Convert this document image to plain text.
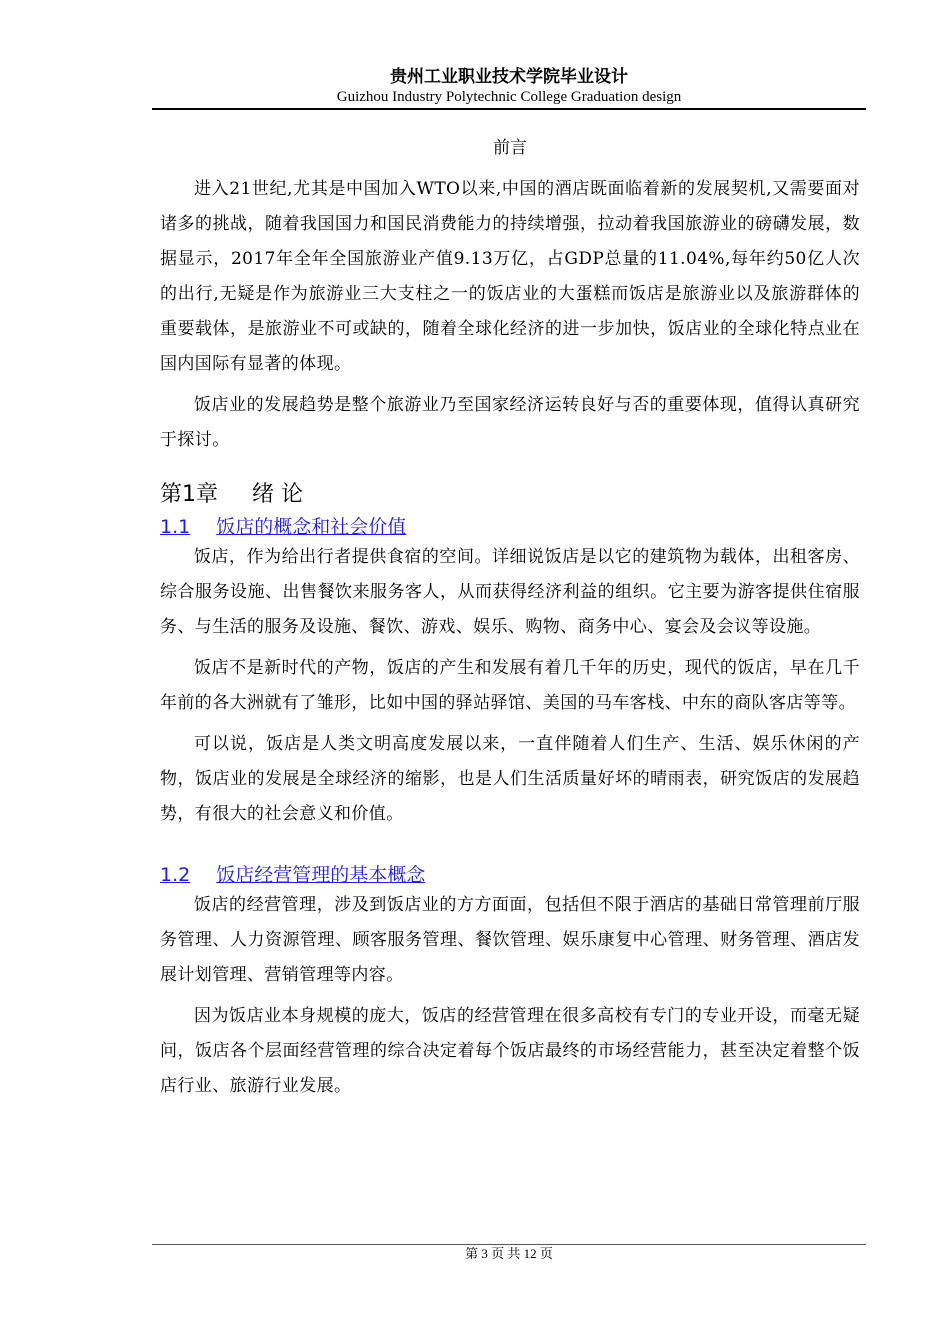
贵州工业职业技术学院毕业设计
Guizhou Industry Polytechnic College Graduation design
前言

进入21世纪,尤其是中国加入WTO以来,中国的酒店既面临着新的发展契机,又需要面对诸多的挑战，随着我国国力和国民消费能力的持续增强，拉动着我国旅游业的磅礴发展，数据显示，2017年全年全国旅游业产值9.13万亿，占GDP总量的11.04%,每年约50亿人次的出行,无疑是作为旅游业三大支柱之一的饭店业的大蛋糕而饭店是旅游业以及旅游群体的重要载体，是旅游业不可或缺的，随着全球化经济的进一步加快，饭店业的全球化特点业在国内国际有显著的体现。

饭店业的发展趋势是整个旅游业乃至国家经济运转良好与否的重要体现，值得认真研究于探讨。

第1章 绪 论
1.1 饭店的概念和社会价值

饭店，作为给出行者提供食宿的空间。详细说饭店是以它的建筑物为载体，出租客房、综合服务设施、出售餐饮来服务客人，从而获得经济利益的组织。它主要为游客提供住宿服务、与生活的服务及设施、餐饮、游戏、娱乐、购物、商务中心、宴会及会议等设施。

饭店不是新时代的产物，饭店的产生和发展有着几千年的历史，现代的饭店，早在几千年前的各大洲就有了雏形，比如中国的驿站驿馆、美国的马车客栈、中东的商队客店等等。

可以说，饭店是人类文明高度发展以来，一直伴随着人们生产、生活、娱乐休闲的产物，饭店业的发展是全球经济的缩影，也是人们生活质量好坏的晴雨表，研究饭店的发展趋势，有很大的社会意义和价值。

1.2 饭店经营管理的基本概念

饭店的经营管理，涉及到饭店业的方方面面，包括但不限于酒店的基础日常管理前厅服务管理、人力资源管理、顾客服务管理、餐饮管理、娱乐康复中心管理、财务管理、酒店发展计划管理、营销管理等内容。

因为饭店业本身规模的庞大，饭店的经营管理在很多高校有专门的专业开设，而毫无疑问，饭店各个层面经营管理的综合决定着每个饭店最终的市场经营能力，甚至决定着整个饭店行业、旅游行业发展。

第 3 页 共 12 页
